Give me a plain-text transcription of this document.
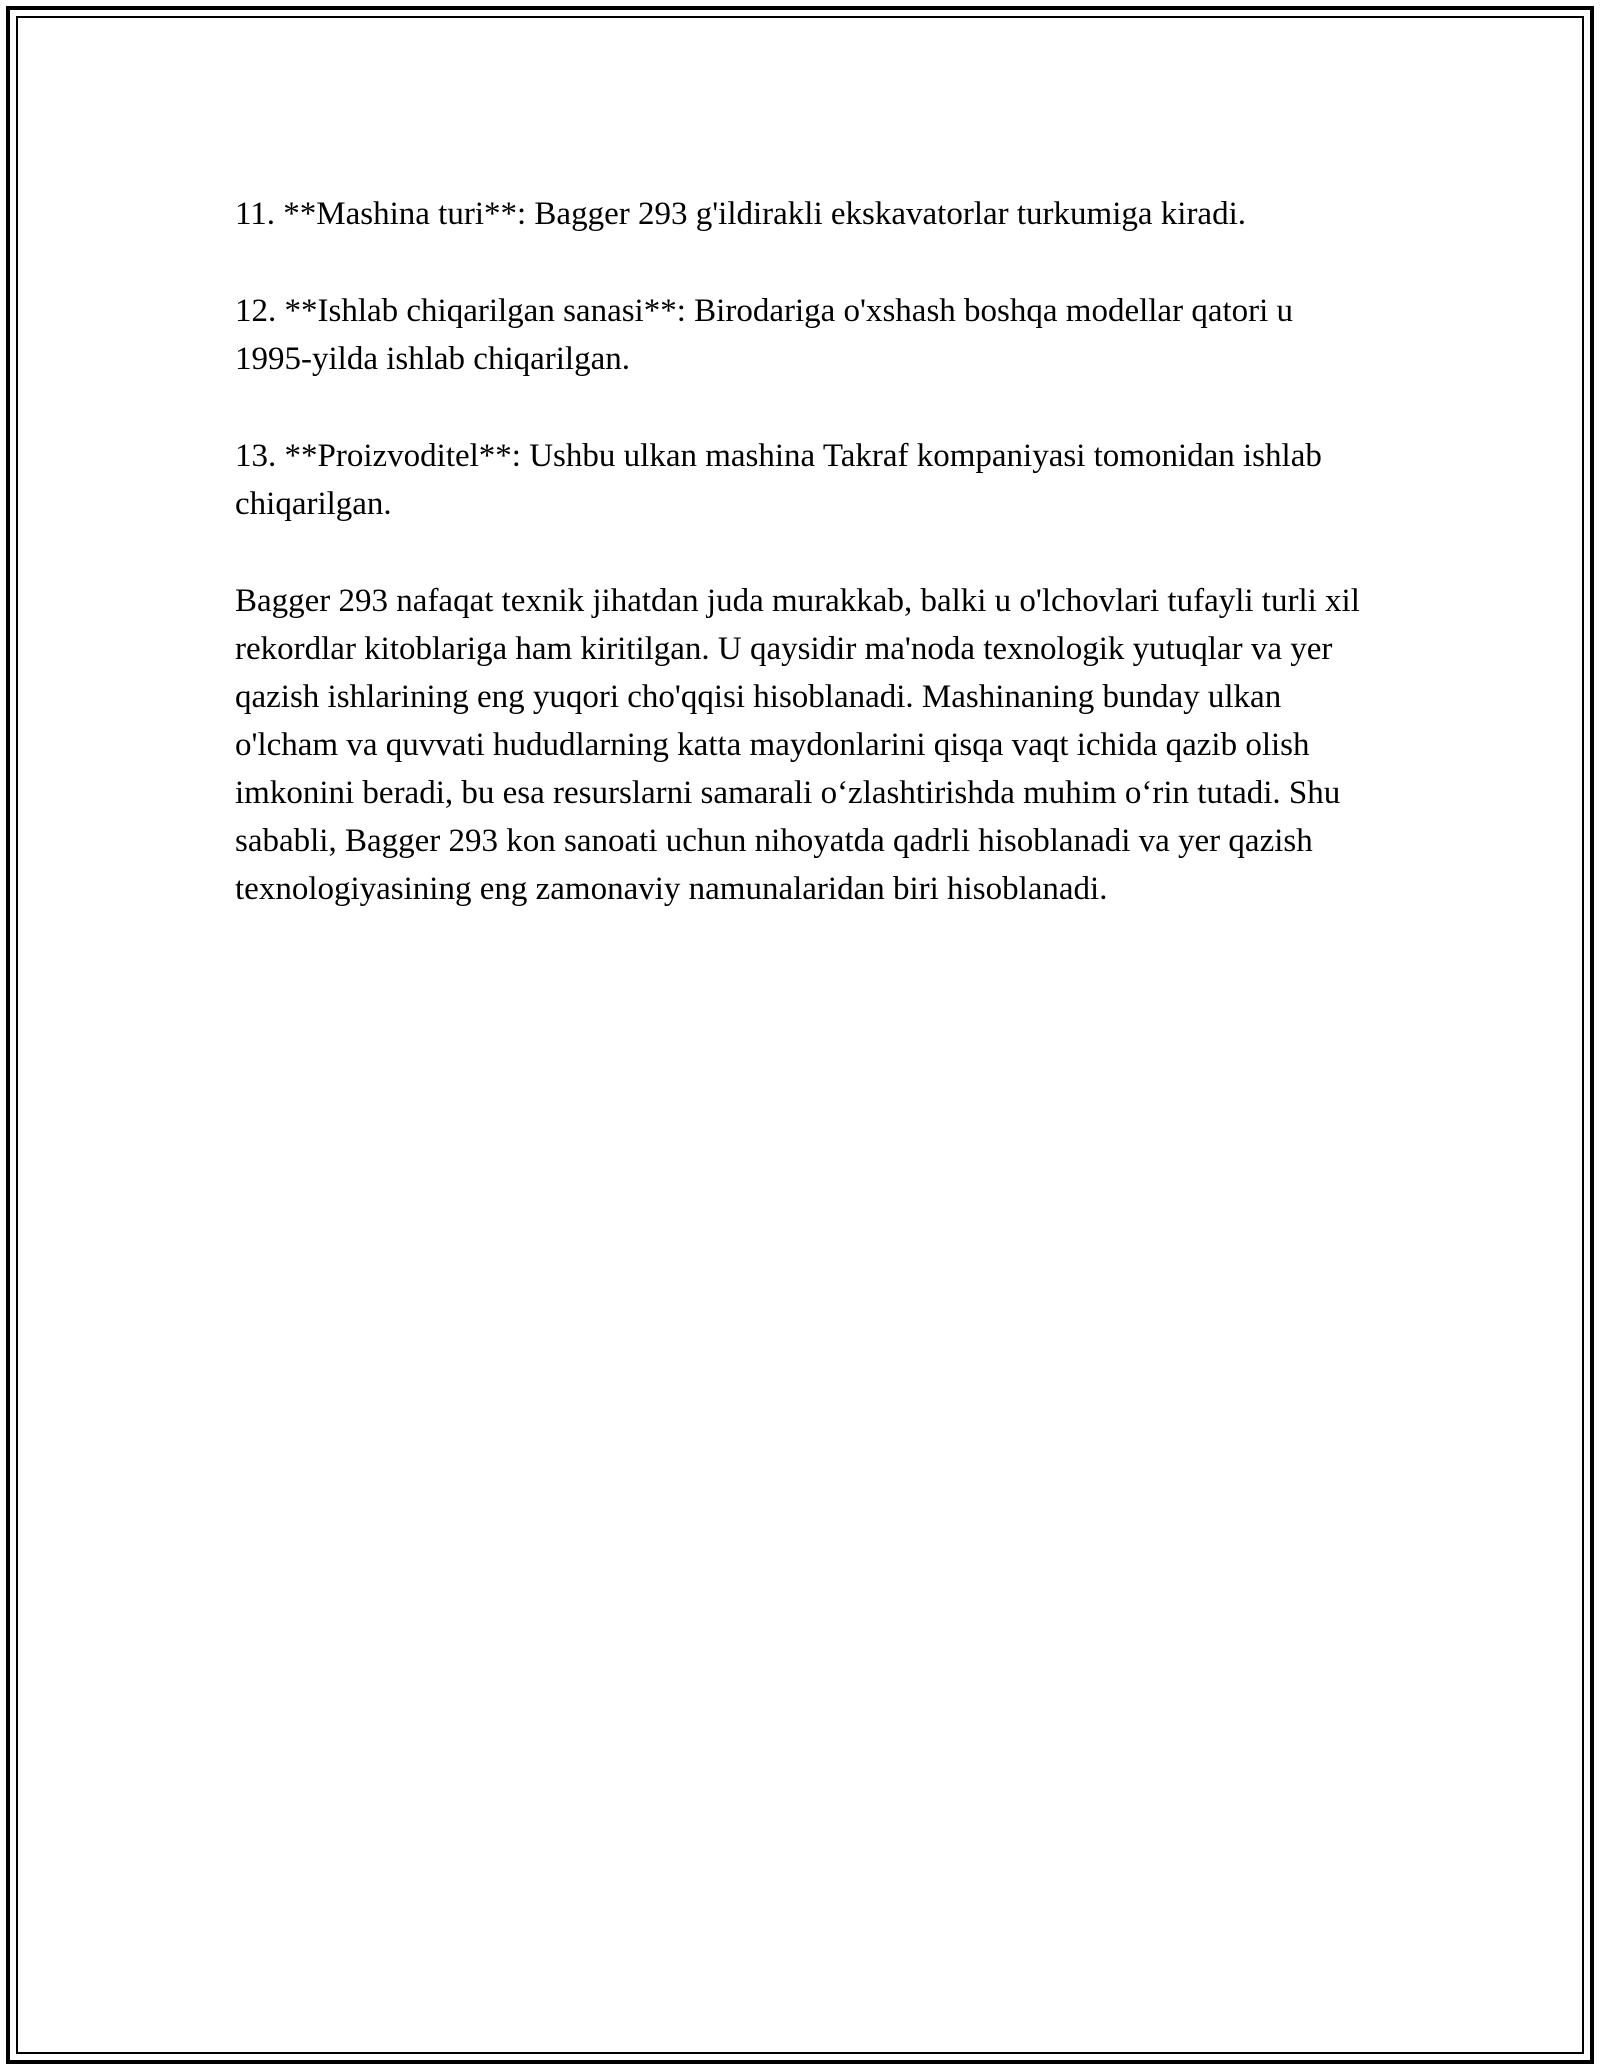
11. **Mashina turi**: Bagger 293 g'ildirakli ekskavatorlar turkumiga kiradi.

12. **Ishlab chiqarilgan sanasi**: Birodariga o'xshash boshqa modellar qatori u 1995-yilda ishlab chiqarilgan.

13. **Proizvoditel**: Ushbu ulkan mashina Takraf kompaniyasi tomonidan ishlab chiqarilgan.

Bagger 293 nafaqat texnik jihatdan juda murakkab, balki u o'lchovlari tufayli turli xil rekordlar kitoblariga ham kiritilgan. U qaysidir ma'noda texnologik yutuqlar va yer qazish ishlarining eng yuqori cho'qqisi hisoblanadi. Mashinaning bunday ulkan o'lcham va quvvati hududlarning katta maydonlarini qisqa vaqt ichida qazib olish imkonini beradi, bu esa resurslarni samarali oʻzlashtirishda muhim oʻrin tutadi. Shu sababli, Bagger 293 kon sanoati uchun nihoyatda qadrli hisoblanadi va yer qazish texnologiyasining eng zamonaviy namunalaridan biri hisoblanadi.
